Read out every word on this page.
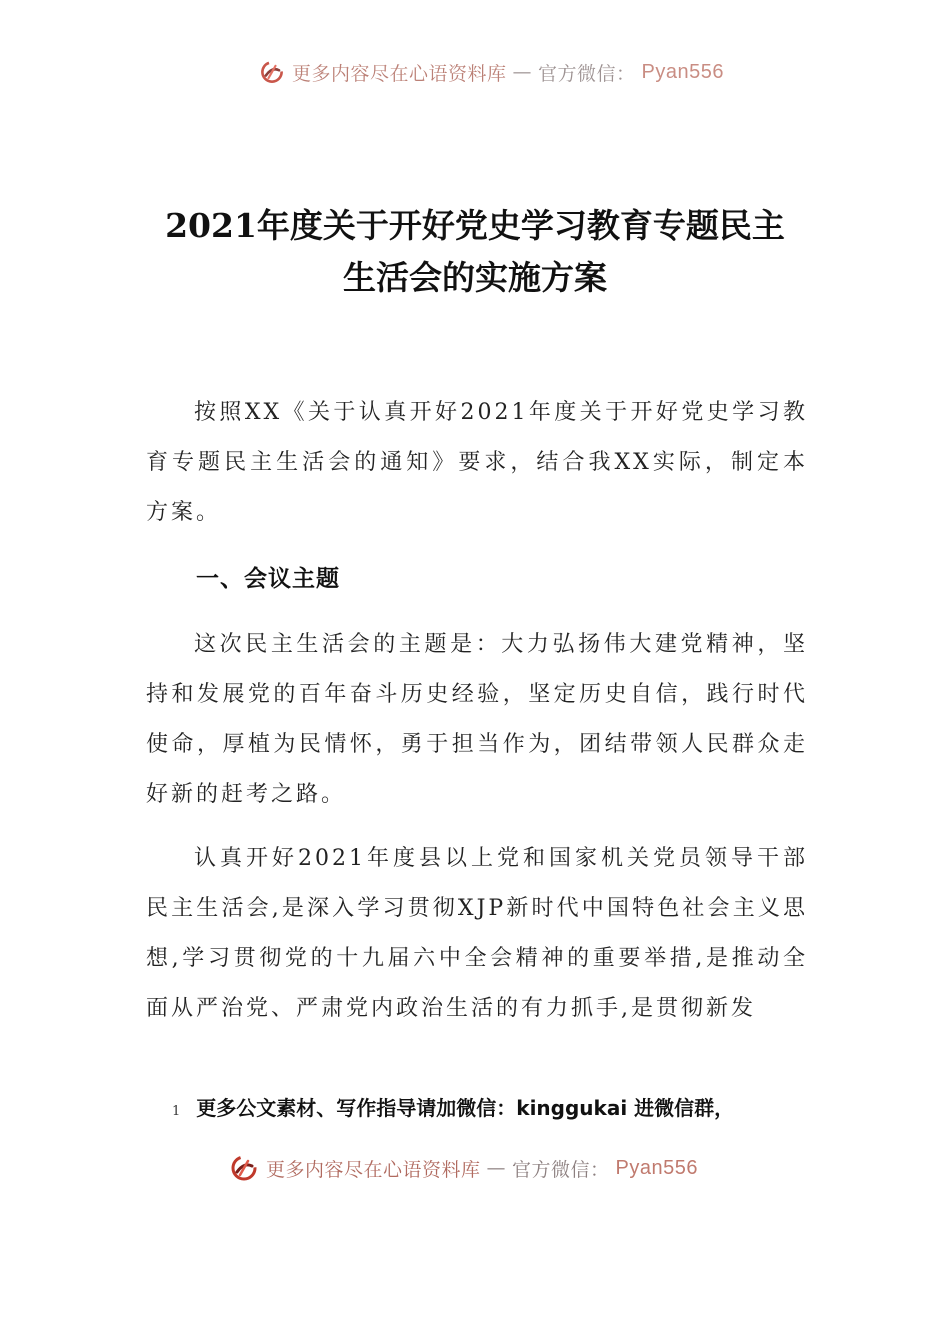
更多内容尽在心语资料库 — 官方微信： Pyan556
2021年度关于开好党史学习教育专题民主
生活会的实施方案
按照XX《关于认真开好2021年度关于开好党史学习教育专题民主生活会的通知》要求，结合我XX实际，制定本方案。
一、会议主题
这次民主生活会的主题是：大力弘扬伟大建党精神，坚持和发展党的百年奋斗历史经验，坚定历史自信，践行时代使命，厚植为民情怀，勇于担当作为，团结带领人民群众走好新的赶考之路。
认真开好2021年度县以上党和国家机关党员领导干部民主生活会,是深入学习贯彻XJP新时代中国特色社会主义思想,学习贯彻党的十九届六中全会精神的重要举措,是推动全面从严治党、严肃党内政治生活的有力抓手,是贯彻新发
1 更多公文素材、写作指导请加微信：kinggukai 进微信群，
更多内容尽在心语资料库 — 官方微信： Pyan556
